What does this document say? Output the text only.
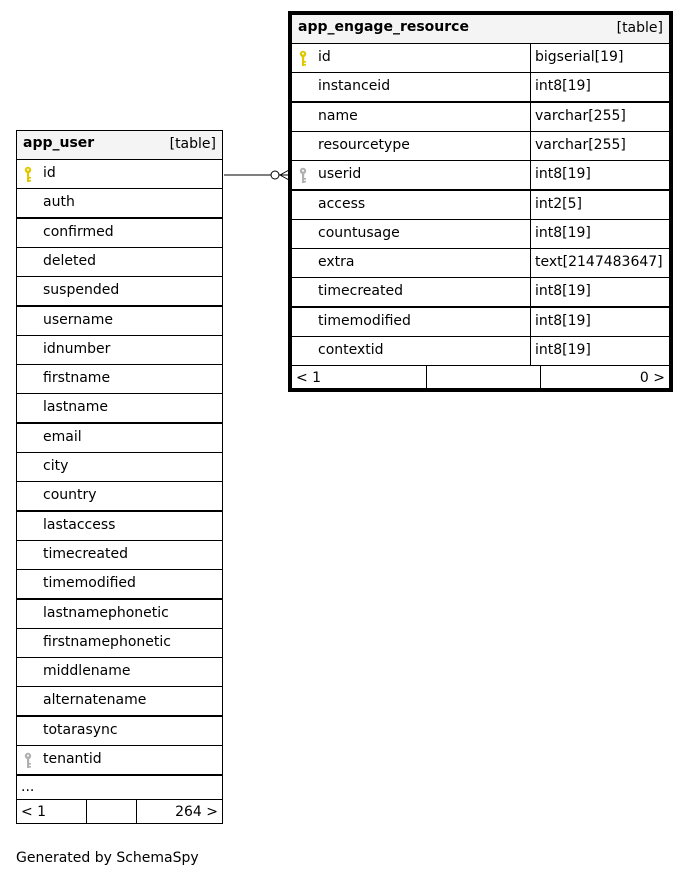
app_user	[table]
id
auth
confirmed
deleted
suspended
username
idnumber
firstname
lastname
email
city
country
lastaccess
timecreated
timemodified
lastnamephonetic
firstnamephonetic
middlename
alternatename
totarasync
tenantid
...
< 1	264 >
app_engage_resource	[table]
id	bigserial[19]
instanceid	int8[19]
name	varchar[255]
resourcetype	varchar[255]
userid	int8[19]
access	int2[5]
countusage	int8[19]
extra	text[2147483647]
timecreated	int8[19]
timemodified	int8[19]
contextid	int8[19]
< 1	0 >
Generated by SchemaSpy
